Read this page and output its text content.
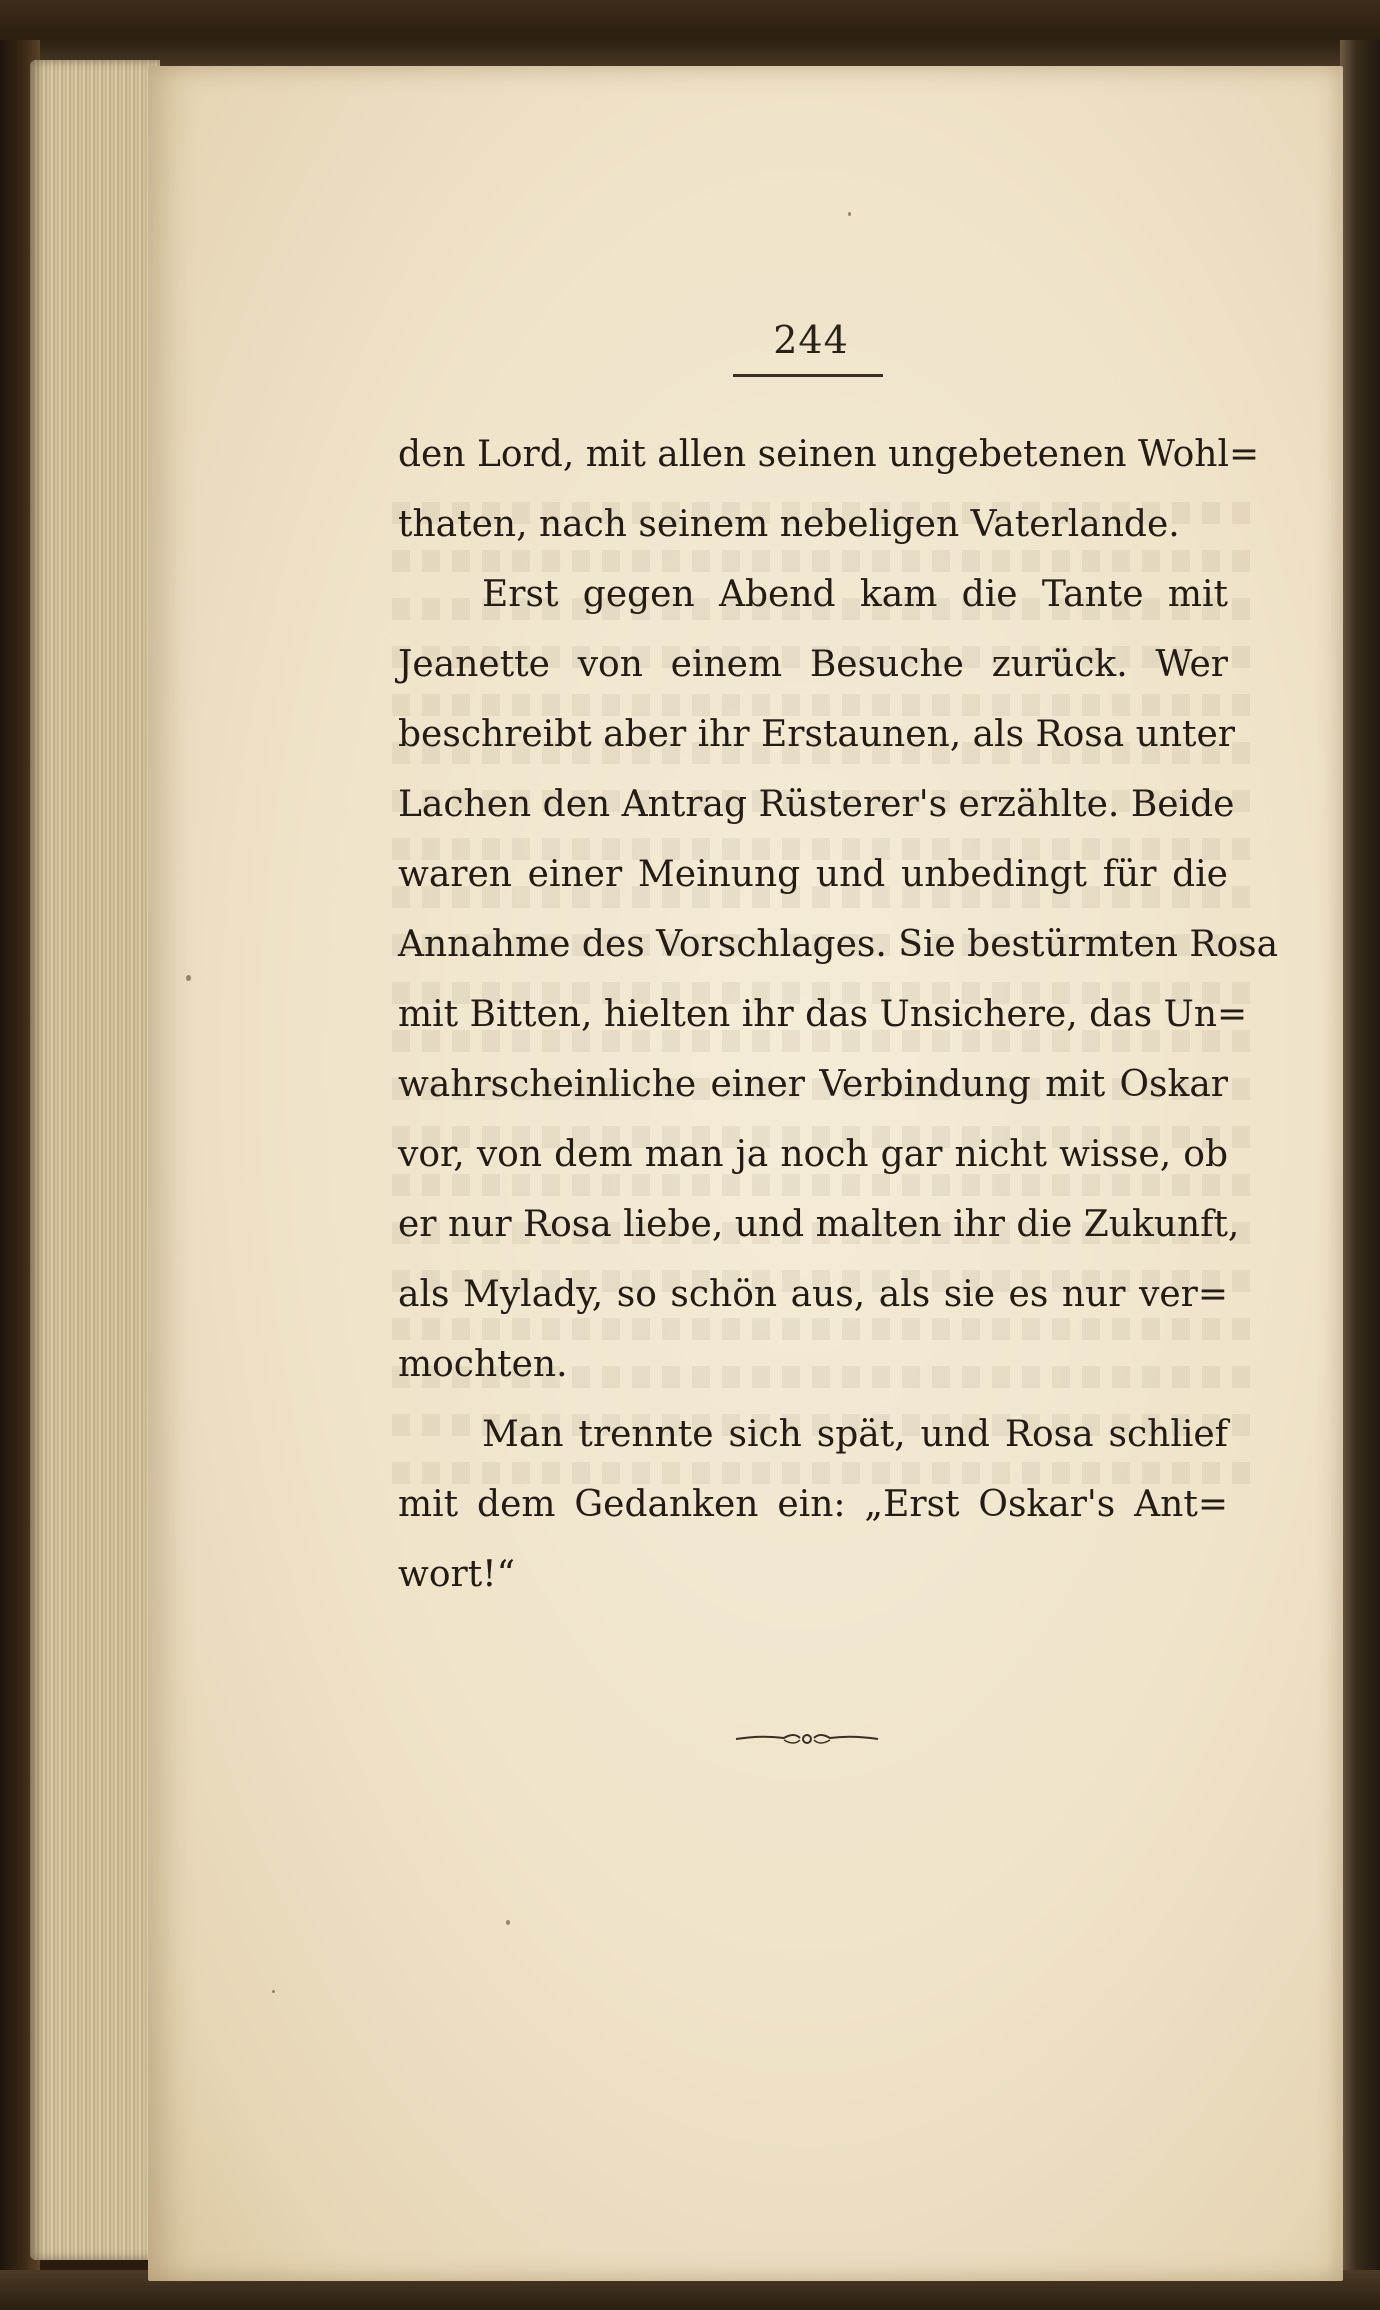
244
den Lord, mit allen seinen ungebetenen Wohl=
thaten, nach seinem nebeligen Vaterlande.
Erst gegen Abend kam die Tante mit
Jeanette von einem Besuche zurück. Wer
beschreibt aber ihr Erstaunen, als Rosa unter
Lachen den Antrag Rüsterer's erzählte. Beide
waren einer Meinung und unbedingt für die
Annahme des Vorschlages. Sie bestürmten Rosa
mit Bitten, hielten ihr das Unsichere, das Un=
wahrscheinliche einer Verbindung mit Oskar
vor, von dem man ja noch gar nicht wisse, ob
er nur Rosa liebe, und malten ihr die Zukunft,
als Mylady, so schön aus, als sie es nur ver=
mochten.
Man trennte sich spät, und Rosa schlief
mit dem Gedanken ein: „Erst Oskar's Ant=
wort!“
